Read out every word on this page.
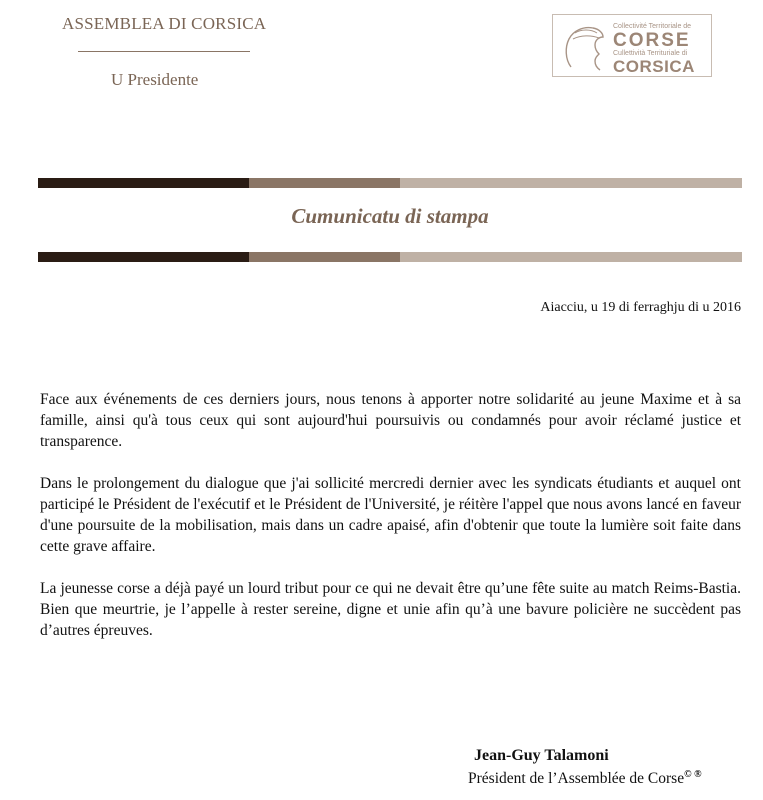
ASSEMBLEA DI CORSICA
U Presidente
Collectivité Territoriale de
CORSE
Cullettività Territuriale di
CORSICA
Cumunicatu di stampa
Aiacciu, u 19 di ferraghju di u 2016

Face aux événements de ces derniers jours, nous tenons à apporter notre solidarité au jeune Maxime et à sa famille, ainsi qu'à tous ceux qui sont aujourd'hui poursuivis ou condamnés pour avoir réclamé justice et transparence.

Dans le prolongement du dialogue que j'ai sollicité mercredi dernier avec les syndicats étudiants et auquel ont participé le Président de l'exécutif et le Président de l'Université, je réitère l'appel que nous avons lancé en faveur d'une poursuite de la mobilisation, mais dans un cadre apaisé, afin d'obtenir que toute la lumière soit faite dans cette grave affaire.

La jeunesse corse a déjà payé un lourd tribut pour ce qui ne devait être qu’une fête suite au match Reims-Bastia. Bien que meurtrie, je l’appelle à rester sereine, digne et unie afin qu’à une bavure policière ne succèdent pas d’autres épreuves.

Jean-Guy Talamoni
Président de l’Assemblée de Corse© ®
